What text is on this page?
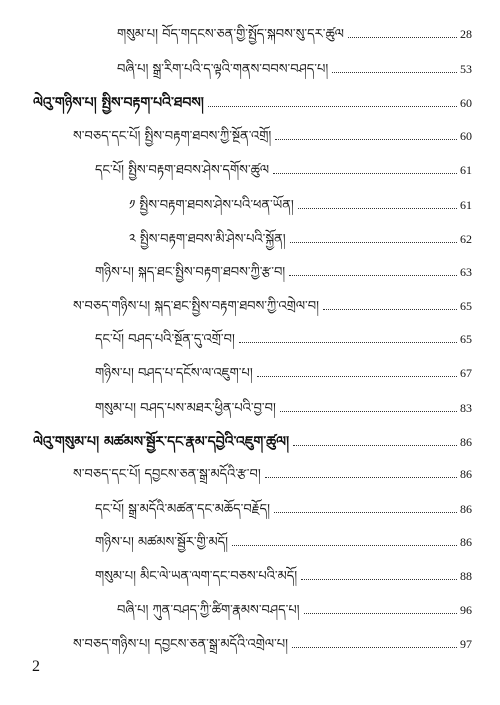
གསུམ་པ། བོད་གདངས་ཅན་གྱི་སྤྱོད་སྐབས་སུ་དར་ཚུལ	28
བཞི་པ། སྒྲ་རིག་པའི་ད་ལྟའི་གནས་བབས་བཤད་པ།	53
ལེའུ་གཉིས་པ། སྤྱིས་བརྟག་པའི་ཐབས།	60
ས་བཅད་དང་པོ། སྤྱིས་བརྟག་ཐབས་ཀྱི་སྔོན་འགྲོ།	60
དང་པོ། སྤྱིས་བརྟག་ཐབས་ཤེས་དགོས་ཚུལ	61
༡ སྤྱིས་བརྟག་ཐབས་ཤེས་པའི་ཕན་ཡོན།	61
༢ སྤྱིས་བརྟག་ཐབས་མི་ཤེས་པའི་སྐྱོན།	62
གཉིས་པ། སྐད་ཐང་སྤྱིས་བརྟག་ཐབས་ཀྱི་རྩ་བ།	63
ས་བཅད་གཉིས་པ། སྐད་ཐང་སྤྱིས་བརྟག་ཐབས་ཀྱི་འགྲེལ་བ།	65
དང་པོ། བཤད་པའི་སྔོན་དུ་འགྲོ་བ།	65
གཉིས་པ། བཤད་པ་དངོས་ལ་འཇུག་པ།	67
གསུམ་པ། བཤད་པས་མཐར་ཕྱིན་པའི་བྱ་བ།	83
ལེའུ་གསུམ་པ། མཚམས་སྦྱོར་དང་རྣམ་དབྱེའི་འཇུག་ཚུལ།	86
ས་བཅད་དང་པོ། དབྱངས་ཅན་སྒྲ་མདོའི་རྩ་བ།	86
དང་པོ། སྒྲ་མདོའི་མཚན་དང་མཆོད་བརྗོད།	86
གཉིས་པ། མཚམས་སྦྱོར་གྱི་མདོ།	86
གསུམ་པ། མིང་ལེ་ཡན་ལག་དང་བཅས་པའི་མདོ།	88
བཞི་པ། ཀུན་བཤད་ཀྱི་ཚིག་རྣམས་བཤད་པ།	96
ས་བཅད་གཉིས་པ། དབྱངས་ཅན་སྒྲ་མདོའི་འགྲེལ་པ།	97
2
